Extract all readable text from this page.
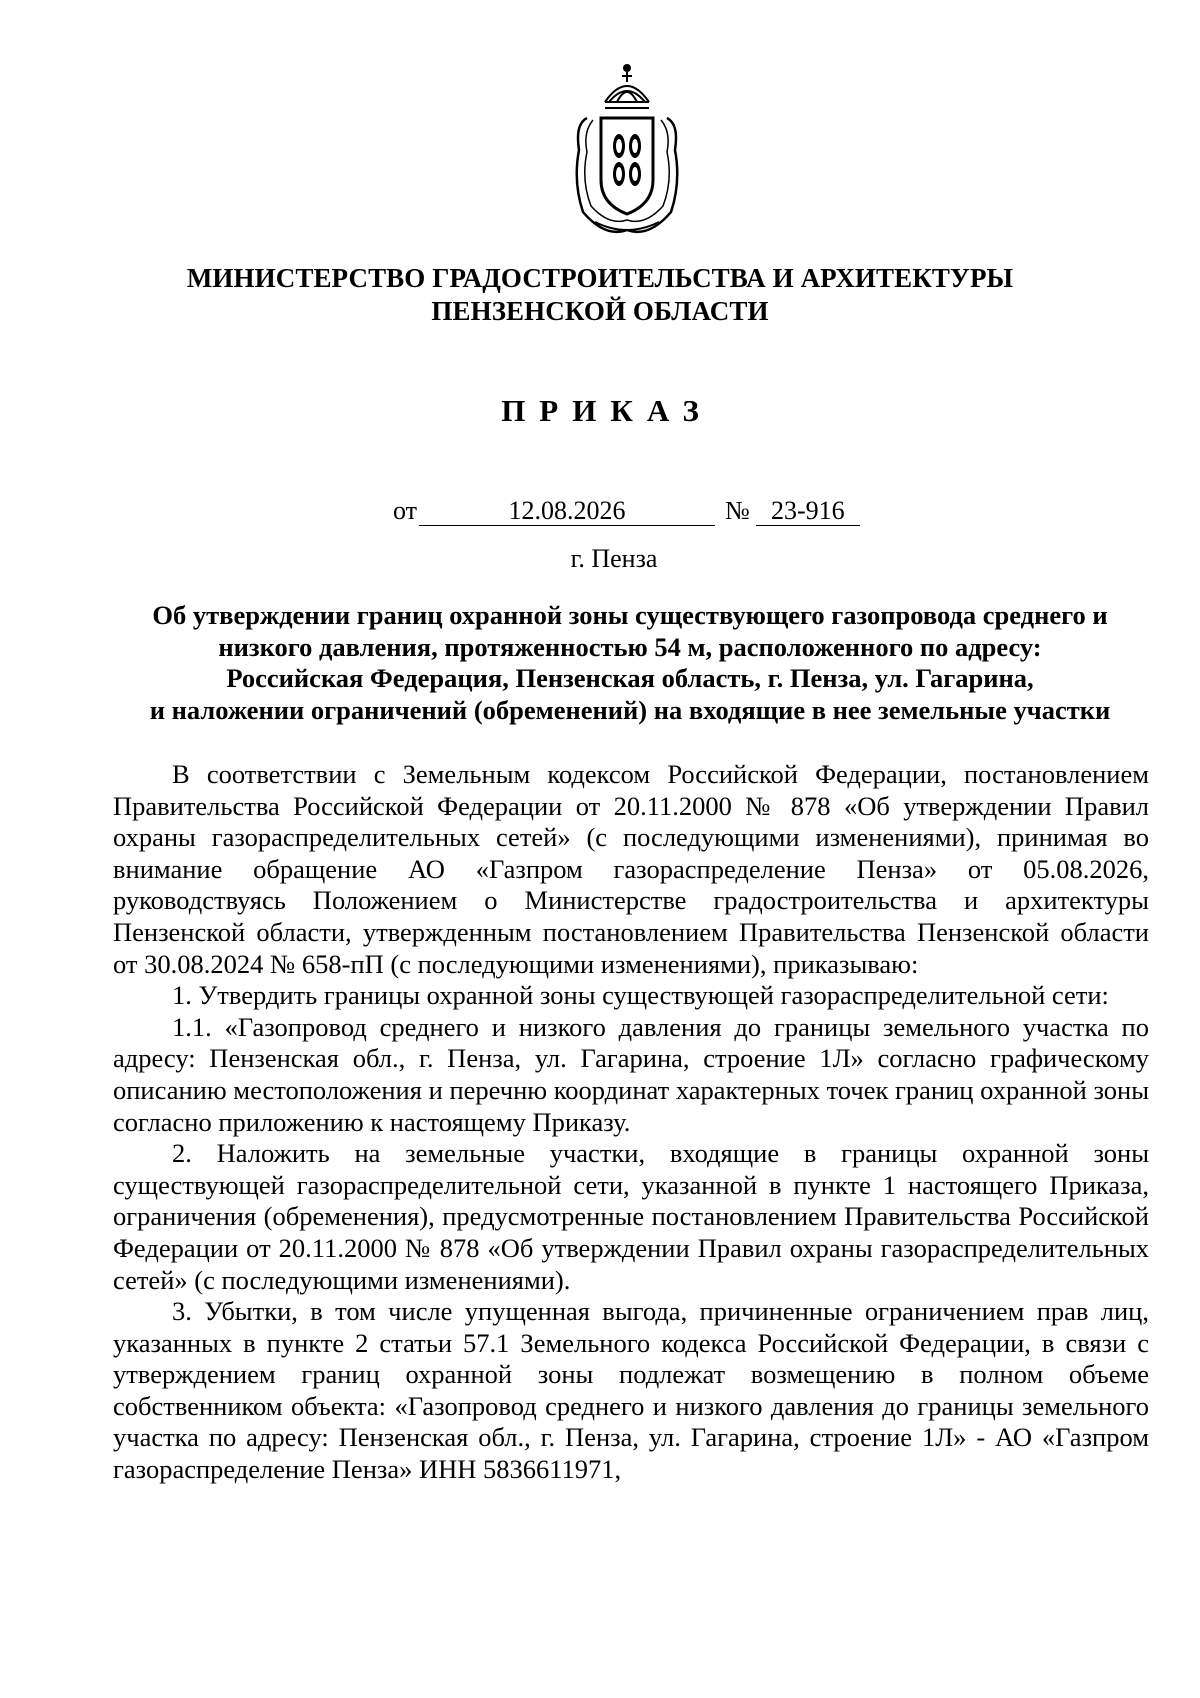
МИНИСТЕРСТВО ГРАДОСТРОИТЕЛЬСТВА И АРХИТЕКТУРЫ
ПЕНЗЕНСКОЙ ОБЛАСТИ
ПРИКАЗ
от	12.08.2026	№ 23-916
г. Пенза
Об утверждении границ охранной зоны существующего газопровода среднего и
низкого давления, протяженностью 54 м, расположенного по адресу:
Российская Федерация, Пензенская область, г. Пенза, ул. Гагарина,
и наложении ограничений (обременений) на входящие в нее земельные участки

В соответствии с Земельным кодексом Российской Федерации, постановлением Правительства Российской Федерации от 20.11.2000 № 878 «Об утверждении Правил охраны газораспределительных сетей» (с последующими изменениями), принимая во внимание обращение АО «Газпром газораспределение Пенза» от 05.08.2026, руководствуясь Положением о Министерстве градостроительства и архитектуры Пензенской области, утвержденным постановлением Правительства Пензенской области от 30.08.2024 № 658-пП (с последующими изменениями), приказываю:

1. Утвердить границы охранной зоны существующей газораспределительной сети:

1.1. «Газопровод среднего и низкого давления до границы земельного участка по адресу: Пензенская обл., г. Пенза, ул. Гагарина, строение 1Л» согласно графическому описанию местоположения и перечню координат характерных точек границ охранной зоны согласно приложению к настоящему Приказу.

2. Наложить на земельные участки, входящие в границы охранной зоны существующей газораспределительной сети, указанной в пункте 1 настоящего Приказа, ограничения (обременения), предусмотренные постановлением Правительства Российской Федерации от 20.11.2000 № 878 «Об утверждении Правил охраны газораспределительных сетей» (с последующими изменениями).

3. Убытки, в том числе упущенная выгода, причиненные ограничением прав лиц, указанных в пункте 2 статьи 57.1 Земельного кодекса Российской Федерации, в связи с утверждением границ охранной зоны подлежат возмещению в полном объеме собственником объекта: «Газопровод среднего и низкого давления до границы земельного участка по адресу: Пензенская обл., г. Пенза, ул. Гагарина, строение 1Л» - АО «Газпром газораспределение Пенза» ИНН 5836611971,
